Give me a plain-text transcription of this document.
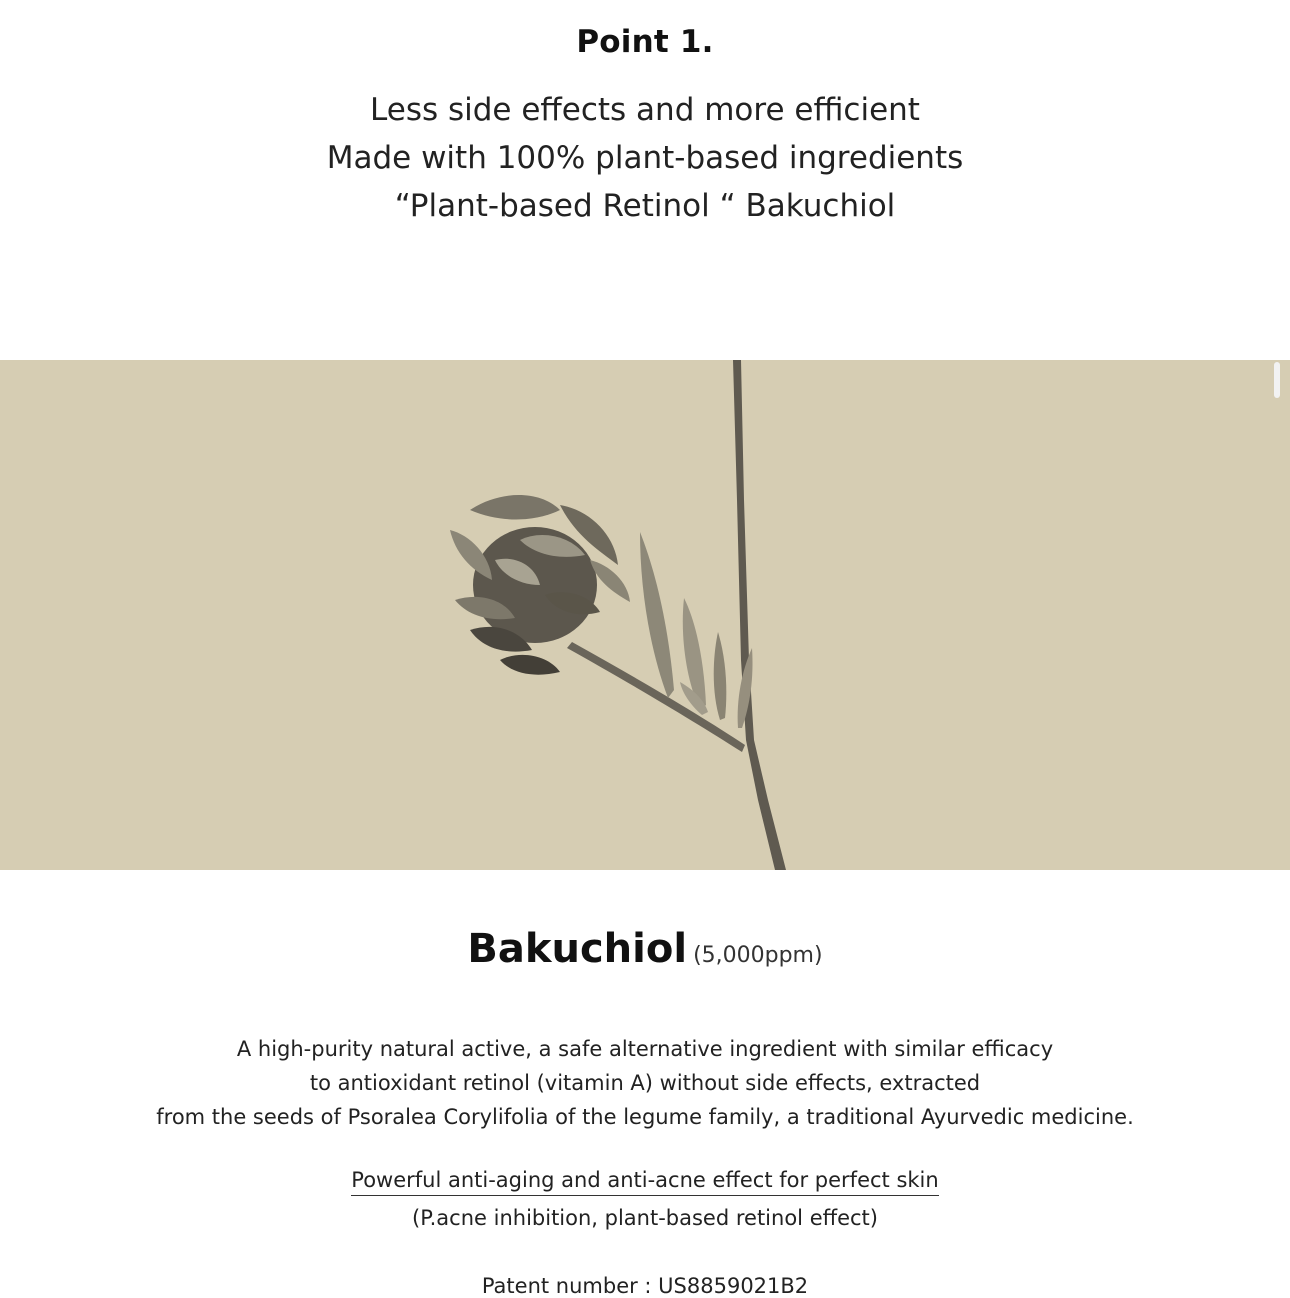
Point 1.
Less side effects and more efficient
Made with 100% plant-based ingredients
“Plant-based Retinol “ Bakuchiol
Bakuchiol (5,000ppm)
A high-purity natural active, a safe alternative ingredient with similar efficacy
to antioxidant retinol (vitamin A) without side effects, extracted
from the seeds of Psoralea Corylifolia of the legume family, a traditional Ayurvedic medicine.
Powerful anti-aging and anti-acne effect for perfect skin
(P.acne inhibition, plant-based retinol effect)
Patent number : US8859021B2
